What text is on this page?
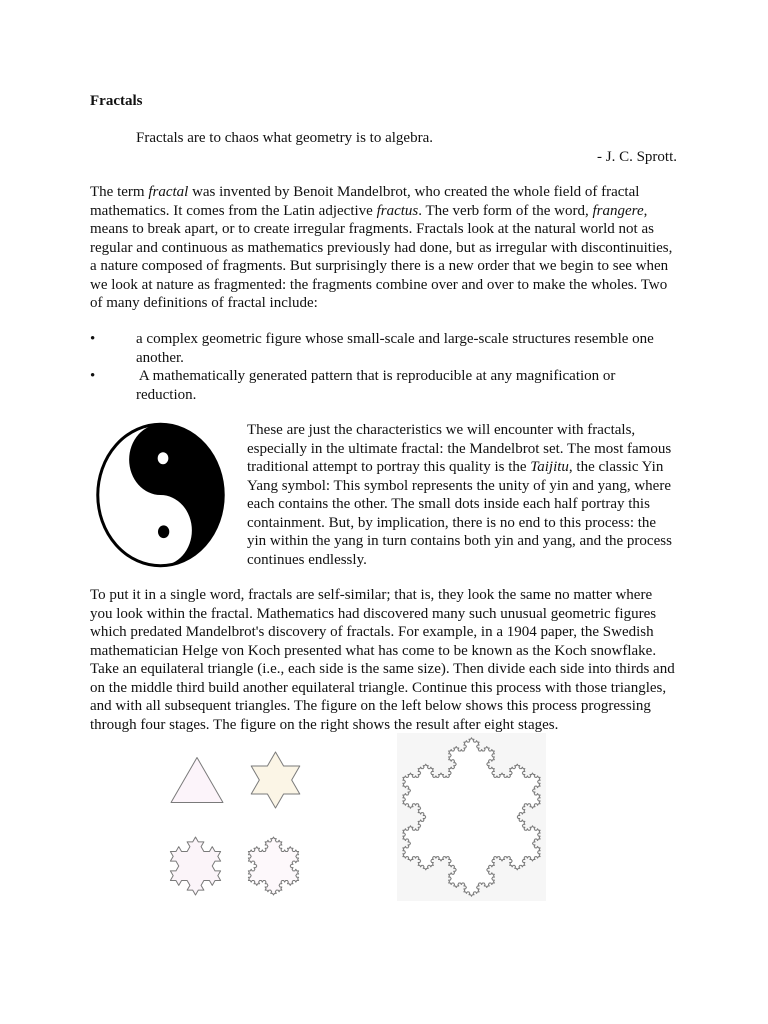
Fractals
Fractals are to chaos what geometry is to algebra.
- J. C. Sprott.
The term fractal was invented by Benoit Mandelbrot, who created the whole field of fractal
mathematics. It comes from the Latin adjective fractus. The verb form of the word, frangere,
means to break apart, or to create irregular fragments. Fractals look at the natural world not as
regular and continuous as mathematics previously had done, but as irregular with discontinuities,
a nature composed of fragments. But surprisingly there is a new order that we begin to see when
we look at nature as fragmented: the fragments combine over and over to make the wholes. Two
of many definitions of fractal include:
•	a complex geometric figure whose small-scale and large-scale structures resemble one
another.
•	A mathematically generated pattern that is reproducible at any magnification or
reduction.
These are just the characteristics we will encounter with fractals,
especially in the ultimate fractal: the Mandelbrot set. The most famous
traditional attempt to portray this quality is the Taijitu, the classic Yin
Yang symbol: This symbol represents the unity of yin and yang, where
each contains the other. The small dots inside each half portray this
containment. But, by implication, there is no end to this process: the
yin within the yang in turn contains both yin and yang, and the process
continues endlessly.
To put it in a single word, fractals are self-similar; that is, they look the same no matter where
you look within the fractal. Mathematics had discovered many such unusual geometric figures
which predated Mandelbrot's discovery of fractals. For example, in a 1904 paper, the Swedish
mathematician Helge von Koch presented what has come to be known as the Koch snowflake.
Take an equilateral triangle (i.e., each side is the same size). Then divide each side into thirds and
on the middle third build another equilateral triangle. Continue this process with those triangles,
and with all subsequent triangles. The figure on the left below shows this process progressing
through four stages. The figure on the right shows the result after eight stages.
